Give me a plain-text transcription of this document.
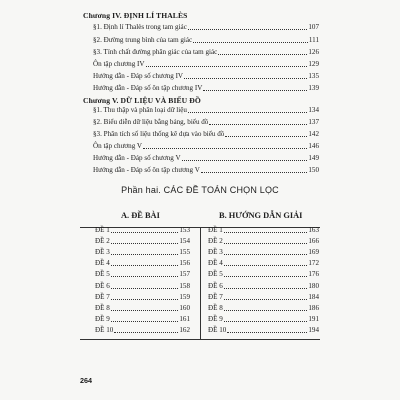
Chương IV. ĐỊNH LÍ THALÈS
§1. Định lí Thalès trong tam giác	107
§2. Đường trung bình của tam giác	111
§3. Tính chất đường phân giác của tam giác	126
Ôn tập chương IV	129
Hướng dẫn - Đáp số chương IV	135
Hướng dẫn - Đáp số ôn tập chương IV	139
Chương V. DỮ LIỆU VÀ BIỂU ĐỒ
§1. Thu thập và phân loại dữ liệu	134
§2. Biểu diễn dữ liệu bằng bảng, biểu đồ	137
§3. Phân tích số liệu thống kê dựa vào biểu đồ	142
Ôn tập chương V	146
Hướng dẫn - Đáp số chương V	149
Hướng dẫn - Đáp số ôn tập chương V	150
Phần hai. CÁC ĐỀ TOÁN CHỌN LỌC
A. ĐỀ BÀI	B. HƯỚNG DẪN GIẢI
ĐỀ 1	153	ĐỀ 1	163
ĐỀ 2	154	ĐỀ 2	166
ĐỀ 3	155	ĐỀ 3	169
ĐỀ 4	156	ĐỀ 4	172
ĐỀ 5	157	ĐỀ 5	176
ĐỀ 6	158	ĐỀ 6	180
ĐỀ 7	159	ĐỀ 7	184
ĐỀ 8	160	ĐỀ 8	186
ĐỀ 9	161	ĐỀ 9	191
ĐỀ 10	162	ĐỀ 10	194
264
